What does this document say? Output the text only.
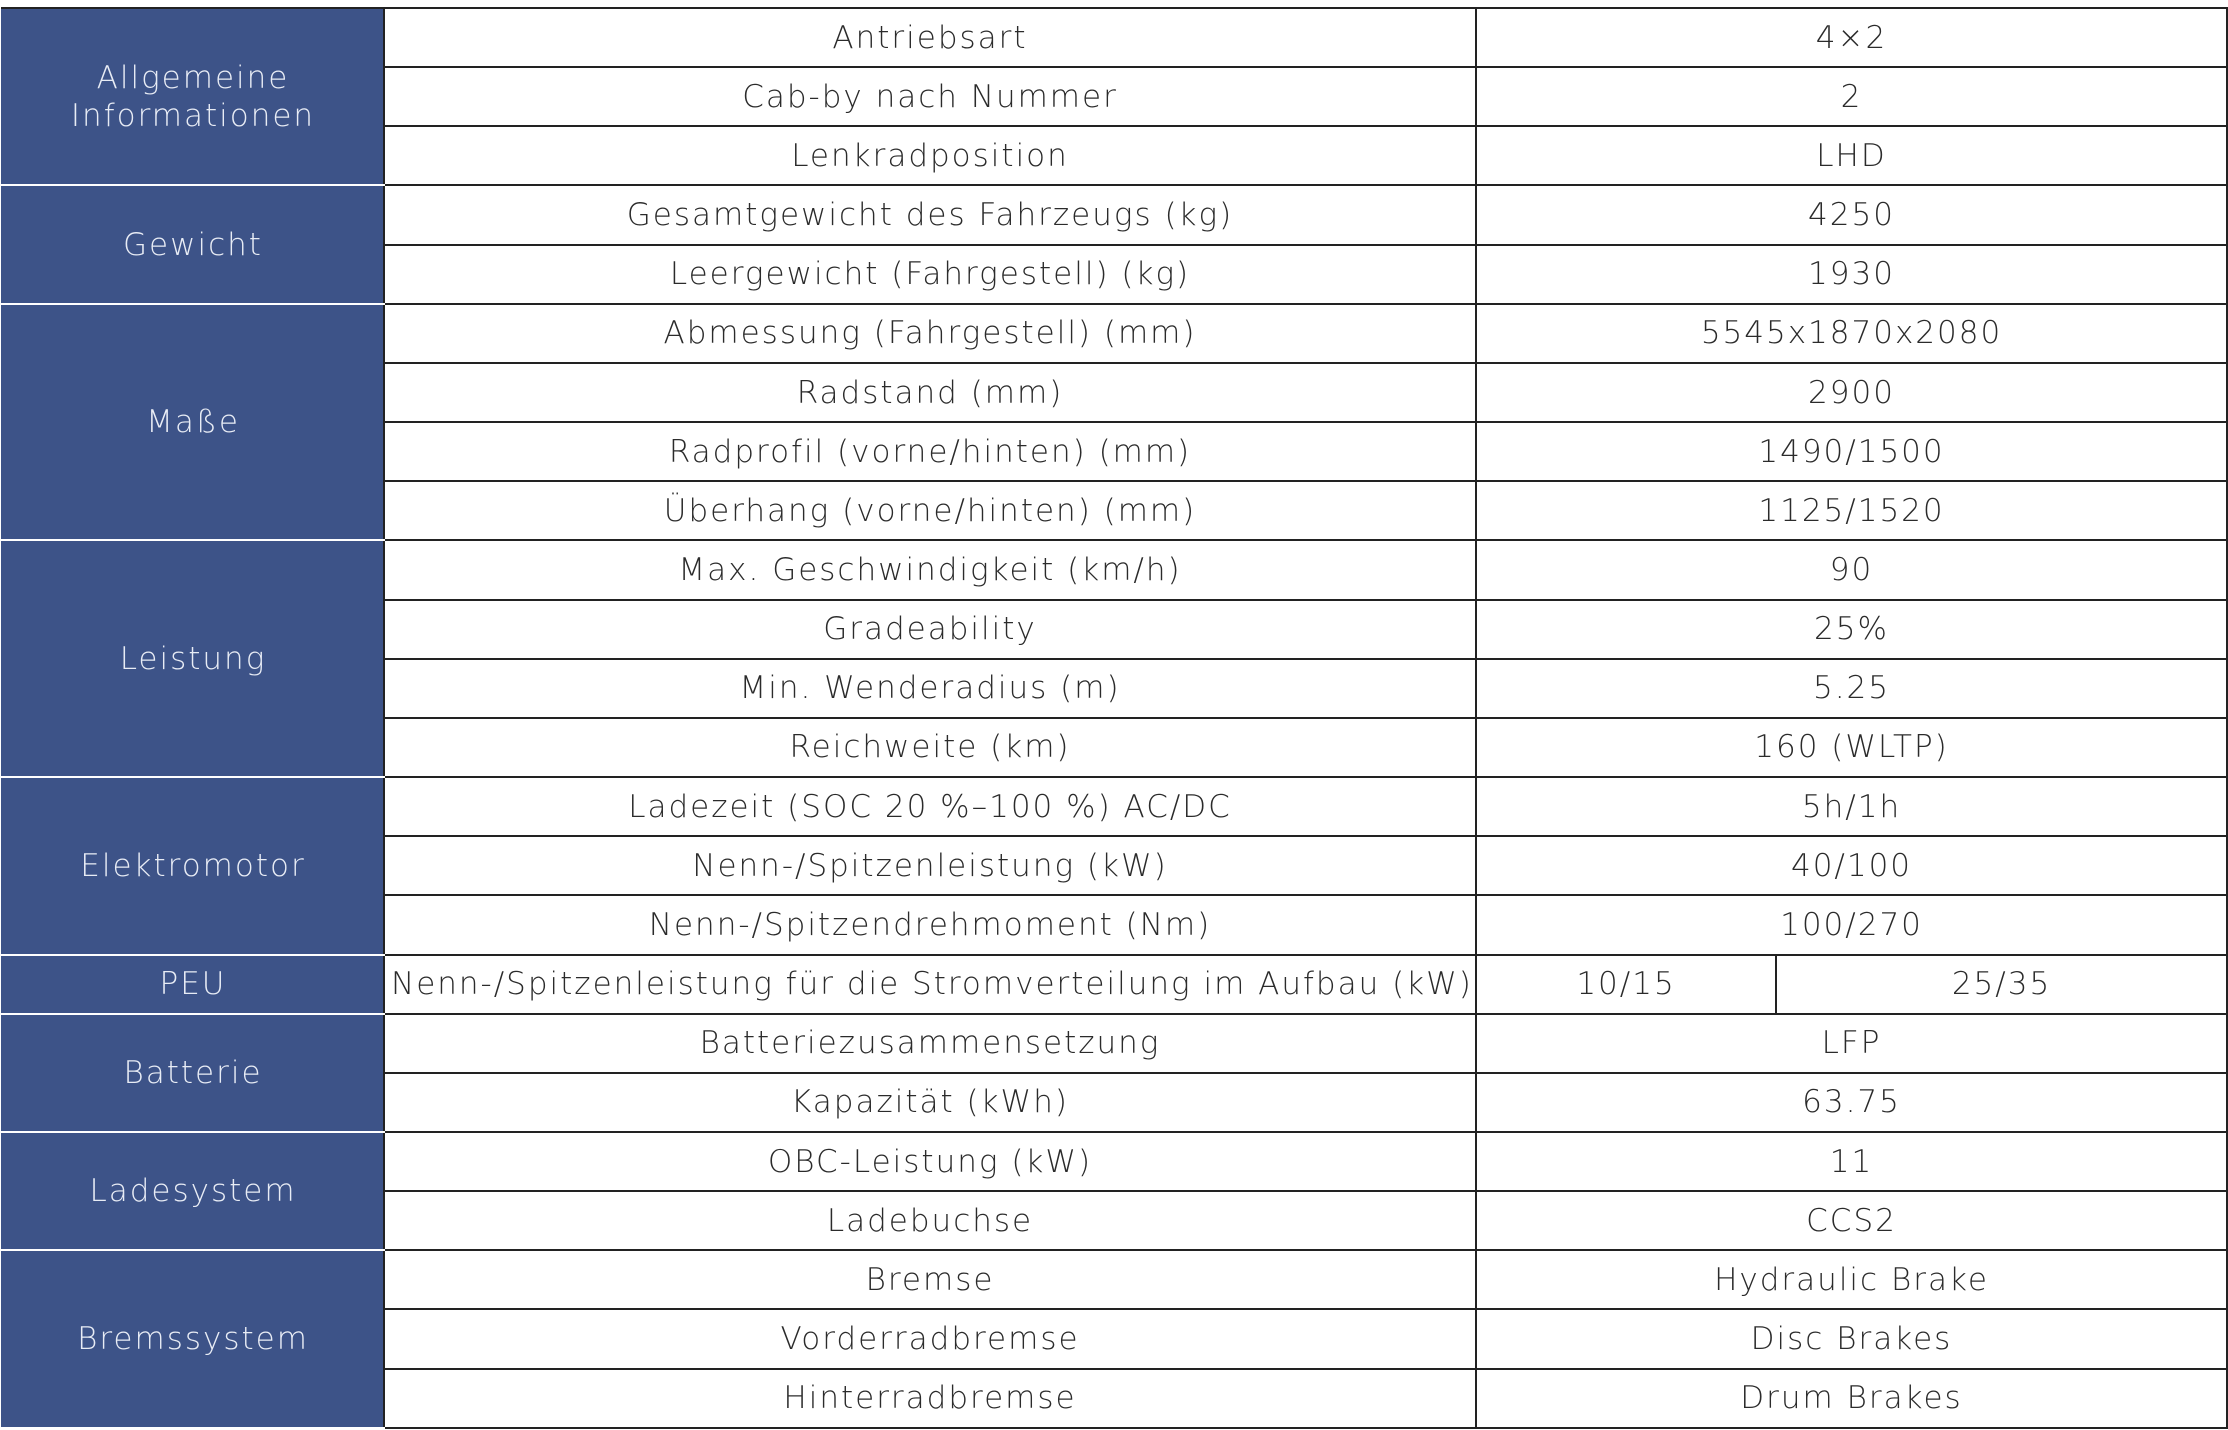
Allgemeine Informationen	Antriebsart	4×2	
	Cab-by nach Nummer	2	
	Lenkradposition	LHD	
Gewicht	Gesamtgewicht des Fahrzeugs (kg)	4250	
	Leergewicht (Fahrgestell) (kg)	1930	
Maße	Abmessung (Fahrgestell) (mm)	5545x1870x2080	
	Radstand (mm)	2900	
	Radprofil (vorne/hinten) (mm)	1490/1500	
	Überhang (vorne/hinten) (mm)	1125/1520	
Leistung	Max. Geschwindigkeit (km/h)	90	
	Gradeability	25%	
	Min. Wenderadius (m)	5.25	
	Reichweite (km)	160 (WLTP)	
Elektromotor	Ladezeit (SOC 20 %–100 %) AC/DC	5h/1h	
	Nenn-/Spitzenleistung (kW)	40/100	
	Nenn-/Spitzendrehmoment (Nm)	100/270	
PEU	Nenn-/Spitzenleistung für die Stromverteilung im Aufbau (kW)	10/15	25/35
Batterie	Batteriezusammensetzung	LFP	
	Kapazität (kWh)	63.75	
Ladesystem	OBC-Leistung (kW)	11	
	Ladebuchse	CCS2	
Bremssystem	Bremse	Hydraulic Brake	
	Vorderradbremse	Disc Brakes	
	Hinterradbremse	Drum Brakes	
